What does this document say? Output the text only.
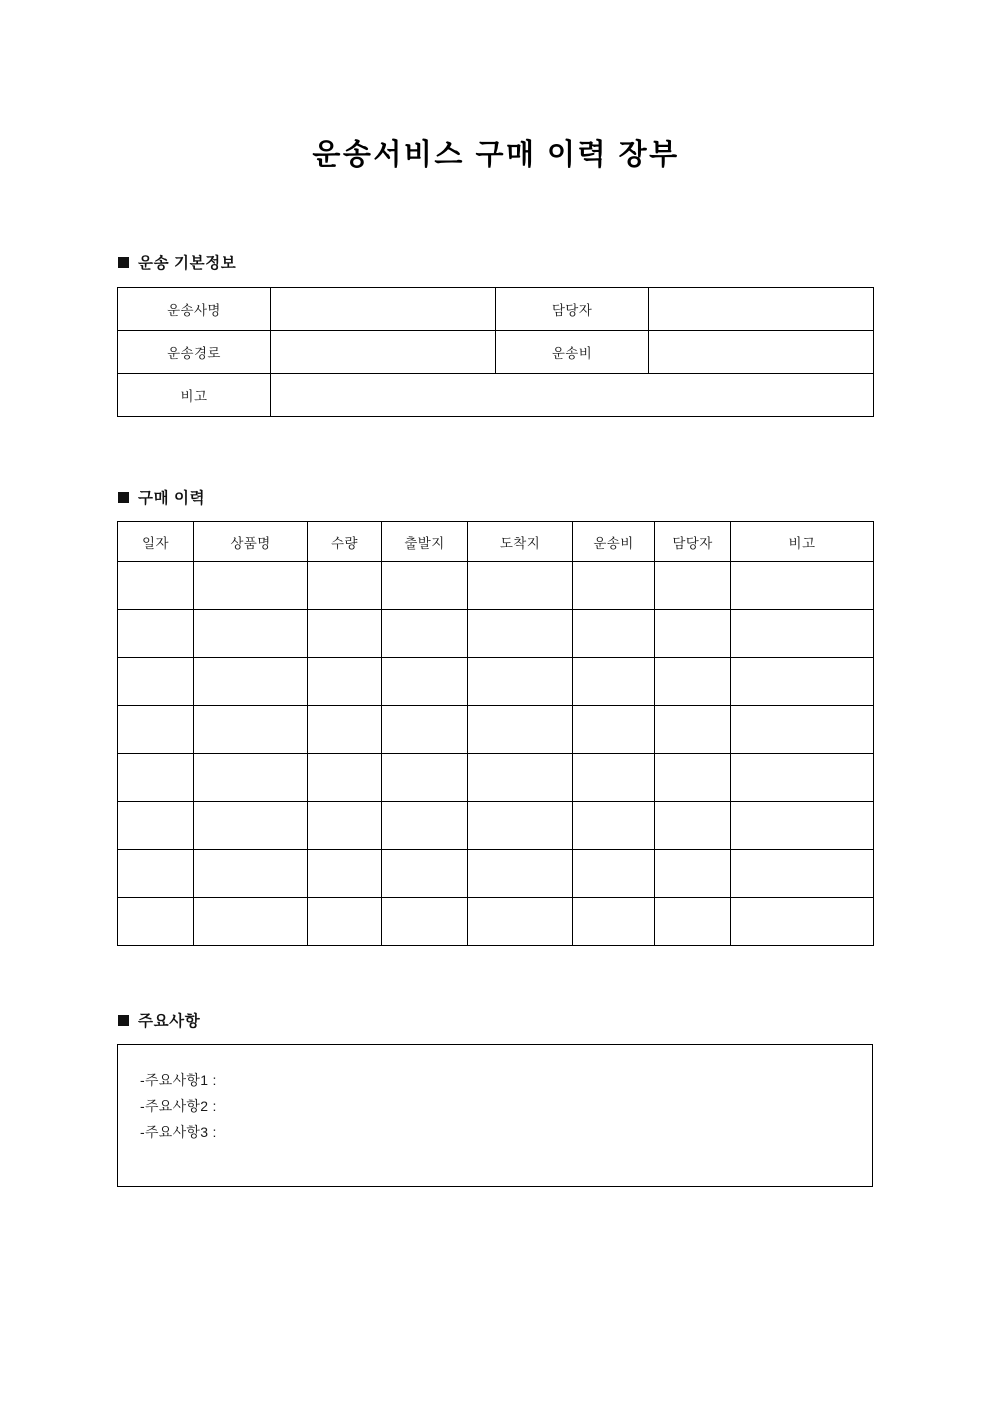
운송서비스 구매 이력 장부
운송 기본정보
운송사명		담당자	
운송경로		운송비	
비고			
구매 이력
일자	상품명	수량	출발지	도착지	운송비	담당자	비고

주요사항
-주요사항1 :
-주요사항2 :
-주요사항3 :
